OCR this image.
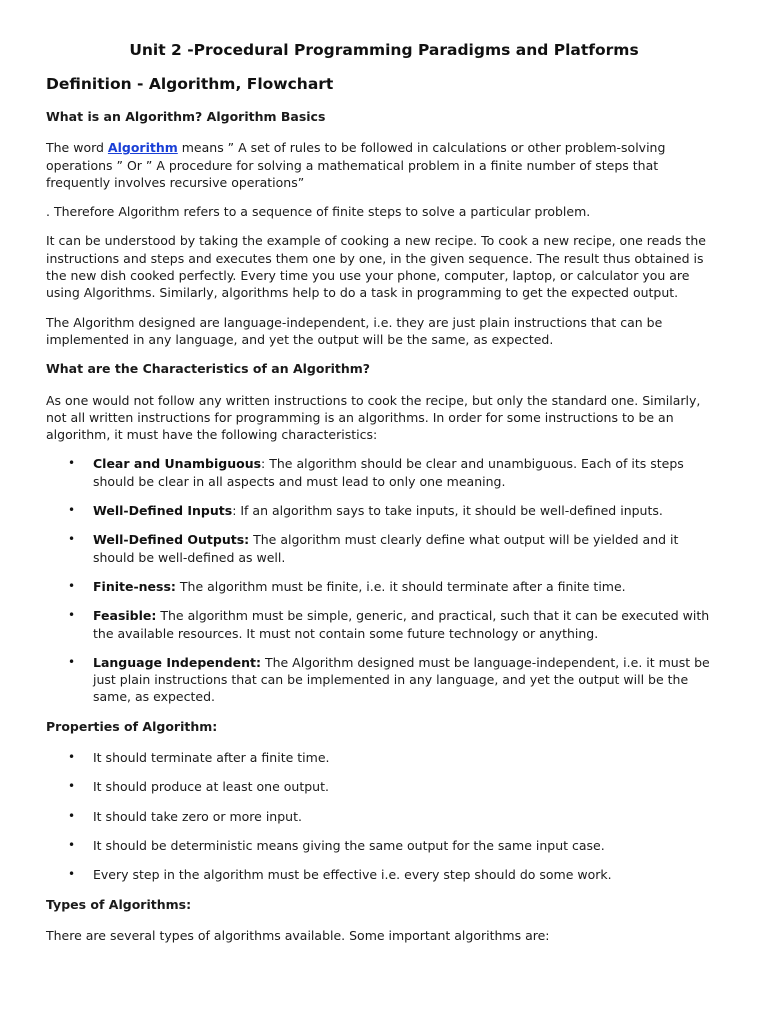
Unit 2 -Procedural Programming Paradigms and Platforms
Definition - Algorithm, Flowchart

What is an Algorithm? Algorithm Basics

The word Algorithm means ” A set of rules to be followed in calculations or other problem-solving operations ” Or ” A procedure for solving a mathematical problem in a finite number of steps that frequently involves recursive operations”

. Therefore Algorithm refers to a sequence of finite steps to solve a particular problem.

It can be understood by taking the example of cooking a new recipe. To cook a new recipe, one reads the instructions and steps and executes them one by one, in the given sequence. The result thus obtained is the new dish cooked perfectly. Every time you use your phone, computer, laptop, or calculator you are using Algorithms. Similarly, algorithms help to do a task in programming to get the expected output.

The Algorithm designed are language-independent, i.e. they are just plain instructions that can be implemented in any language, and yet the output will be the same, as expected.

What are the Characteristics of an Algorithm?

As one would not follow any written instructions to cook the recipe, but only the standard one. Similarly, not all written instructions for programming is an algorithms. In order for some instructions to be an algorithm, it must have the following characteristics:

• Clear and Unambiguous: The algorithm should be clear and unambiguous. Each of its steps should be clear in all aspects and must lead to only one meaning.
• Well-Defined Inputs: If an algorithm says to take inputs, it should be well-defined inputs.
• Well-Defined Outputs: The algorithm must clearly define what output will be yielded and it should be well-defined as well.
• Finite-ness: The algorithm must be finite, i.e. it should terminate after a finite time.
• Feasible: The algorithm must be simple, generic, and practical, such that it can be executed with the available resources. It must not contain some future technology or anything.
• Language Independent: The Algorithm designed must be language-independent, i.e. it must be just plain instructions that can be implemented in any language, and yet the output will be the same, as expected.

Properties of Algorithm:

• It should terminate after a finite time.
• It should produce at least one output.
• It should take zero or more input.
• It should be deterministic means giving the same output for the same input case.
• Every step in the algorithm must be effective i.e. every step should do some work.

Types of Algorithms:

There are several types of algorithms available. Some important algorithms are:
